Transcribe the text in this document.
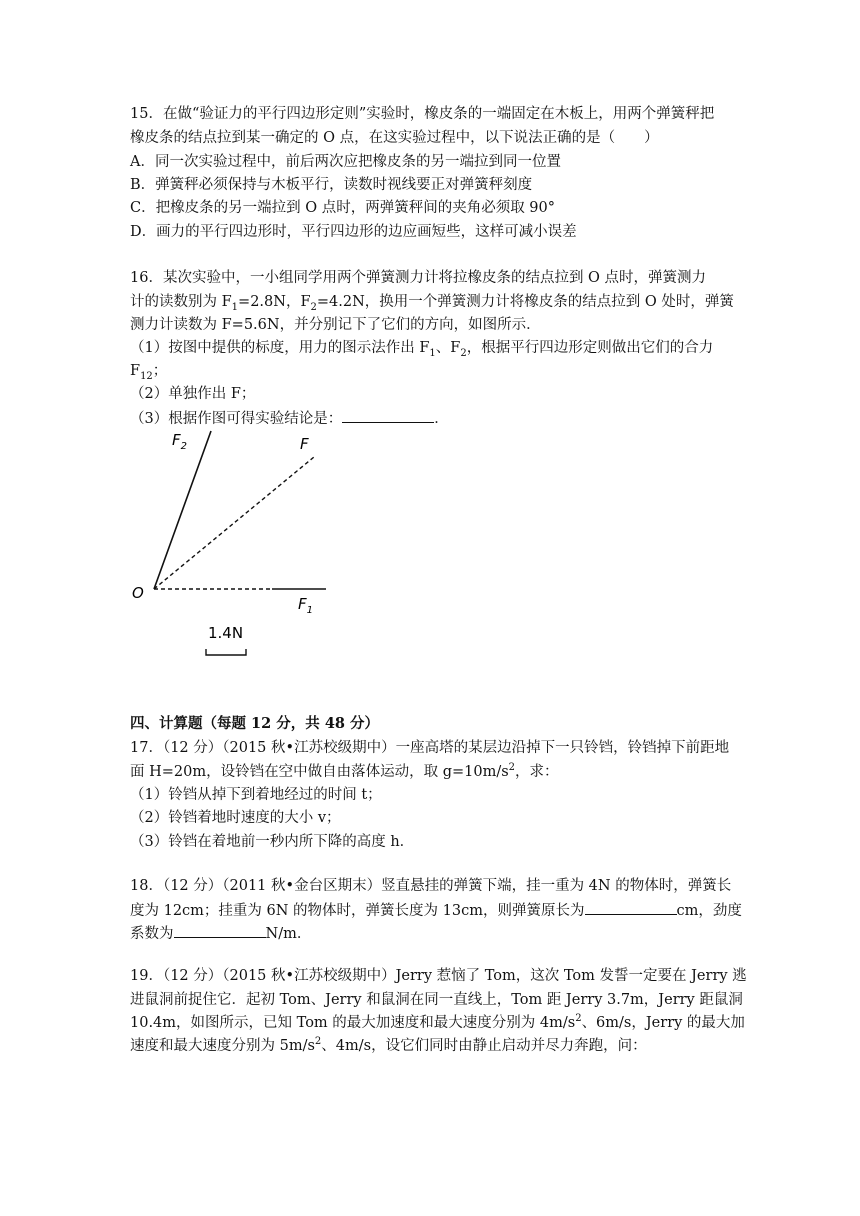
15．在做“验证力的平行四边形定则”实验时，橡皮条的一端固定在木板上，用两个弹簧秤把
橡皮条的结点拉到某一确定的 O 点，在这实验过程中，以下说法正确的是（　　）
A．同一次实验过程中，前后两次应把橡皮条的另一端拉到同一位置
B．弹簧秤必须保持与木板平行，读数时视线要正对弹簧秤刻度
C．把橡皮条的另一端拉到 O 点时，两弹簧秤间的夹角必须取 90°
D．画力的平行四边形时，平行四边形的边应画短些，这样可减小误差
16．某次实验中，一小组同学用两个弹簧测力计将拉橡皮条的结点拉到 O 点时，弹簧测力
计的读数别为 $F_1=2.8N$，$F_2=4.2N$，换用一个弹簧测力计将橡皮条的结点拉到 O 处时，弹簧
测力计读数为 F=5.6N，并分别记下了它们的方向，如图所示．
（1）按图中提供的标度，用力的图示法作出 $F_1$、$F_2$，根据平行四边形定则做出它们的合力
$F_{12}$；
（2）单独作出 F；
（3）根据作图可得实验结论是：	．
$F_2$	F
O
$F_1$
1.4N
四、计算题（每题 12 分，共 48 分）
17．（12 分）（2015 秋•江苏校级期中）一座高塔的某层边沿掉下一只铃铛，铃铛掉下前距地
面 H=20m，设铃铛在空中做自由落体运动，取 $g=10m/s^2$，求：
（1）铃铛从掉下到着地经过的时间 t；
（2）铃铛着地时速度的大小 v；
（3）铃铛在着地前一秒内所下降的高度 h．
18．（12 分）（2011 秋•金台区期末）竖直悬挂的弹簧下端，挂一重为 4N 的物体时，弹簧长
度为 12cm；挂重为 6N 的物体时，弹簧长度为 13cm，则弹簧原长为	cm，劲度
系数为	N/m．
19．（12 分）（2015 秋•江苏校级期中）Jerry 惹恼了 Tom，这次 Tom 发誓一定要在 Jerry 逃
进鼠洞前捉住它．起初 Tom、Jerry 和鼠洞在同一直线上，Tom 距 Jerry 3.7m，Jerry 距鼠洞
10.4m，如图所示，已知 Tom 的最大加速度和最大速度分别为 $4m/s^2$、6m/s，Jerry 的最大加
速度和最大速度分别为 $5m/s^2$、4m/s，设它们同时由静止启动并尽力奔跑，问：
